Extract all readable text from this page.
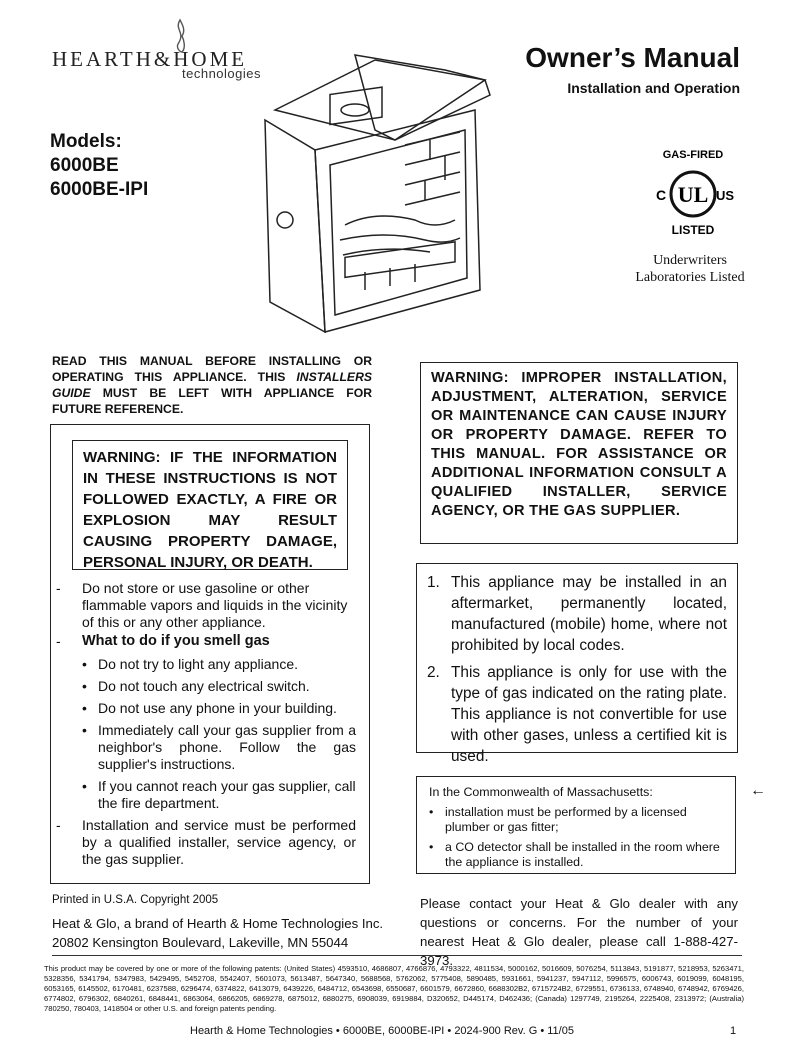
HEARTH&HOME
technologies
Owner’s Manual
Installation and Operation
Models:
6000BE
6000BE-IPI
GAS-FIRED
UL
C	US
LISTED
Underwriters
Laboratories Listed
READ THIS MANUAL BEFORE INSTALLING OR OPERATING THIS APPLIANCE. THIS INSTALLERS GUIDE MUST BE LEFT WITH APPLIANCE FOR FUTURE REFERENCE.
WARNING: IF THE INFORMATION IN THESE INSTRUCTIONS IS NOT FOLLOWED EXACTLY, A FIRE OR EXPLOSION MAY RESULT CAUSING PROPERTY DAMAGE, PERSONAL INJURY, OR DEATH.
-	Do not store or use gasoline or other flammable vapors and liquids in the vicinity of this or any other appliance.
-	What to do if you smell gas
• Do not try to light any appliance.
• Do not touch any electrical switch.
• Do not use any phone in your building.
• Immediately call your gas supplier from a neighbor's phone. Follow the gas supplier's instructions.
• If you cannot reach your gas supplier, call the fire department.
-	Installation and service must be performed by a qualified installer, service agency, or the gas supplier.
WARNING: IMPROPER INSTALLATION, ADJUSTMENT, ALTERATION, SERVICE OR MAINTENANCE CAN CAUSE INJURY OR PROPERTY DAMAGE. REFER TO THIS MANUAL. FOR ASSISTANCE OR ADDITIONAL INFORMATION CONSULT A QUALIFIED INSTALLER, SERVICE AGENCY, OR THE GAS SUPPLIER.
1. This appliance may be installed in an aftermarket, permanently located, manufactured (mobile) home, where not prohibited by local codes.
2. This appliance is only for use with the type of gas indicated on the rating plate. This appliance is not convertible for use with other gases, unless a certified kit is used.
In the Commonwealth of Massachusetts:
• installation must be performed by a licensed plumber or gas fitter;
• a CO detector shall be installed in the room where the appliance is installed.
←
Printed in U.S.A. Copyright 2005
Heat & Glo, a brand of Hearth & Home Technologies Inc.
20802 Kensington Boulevard, Lakeville, MN 55044
Please contact your Heat & Glo dealer with any questions or concerns. For the number of your nearest Heat & Glo dealer, please call 1-888-427-3973.
This product may be covered by one or more of the following patents: (United States) 4593510, 4686807, 4766876, 4793322, 4811534, 5000162, 5016609, 5076254, 5113843, 5191877, 5218953, 5263471, 5328356, 5341794, 5347983, 5429495, 5452708, 5542407, 5601073, 5613487, 5647340, 5688568, 5762062, 5775408, 5890485, 5931661, 5941237, 5947112, 5996575, 6006743, 6019099, 6048195, 6053165, 6145502, 6170481, 6237588, 6296474, 6374822, 6413079, 6439226, 6484712, 6543698, 6550687, 6601579, 6672860, 6688302B2, 6715724B2, 6729551, 6736133, 6748940, 6748942, 6769426, 6774802, 6796302, 6840261, 6848441, 6863064, 6866205, 6869278, 6875012, 6880275, 6908039, 6919884, D320652, D445174, D462436; (Canada) 1297749, 2195264, 2225408, 2313972; (Australia) 780250, 780403, 1418504 or other U.S. and foreign patents pending.
Hearth & Home Technologies • 6000BE, 6000BE-IPI • 2024-900 Rev. G • 11/05	1
